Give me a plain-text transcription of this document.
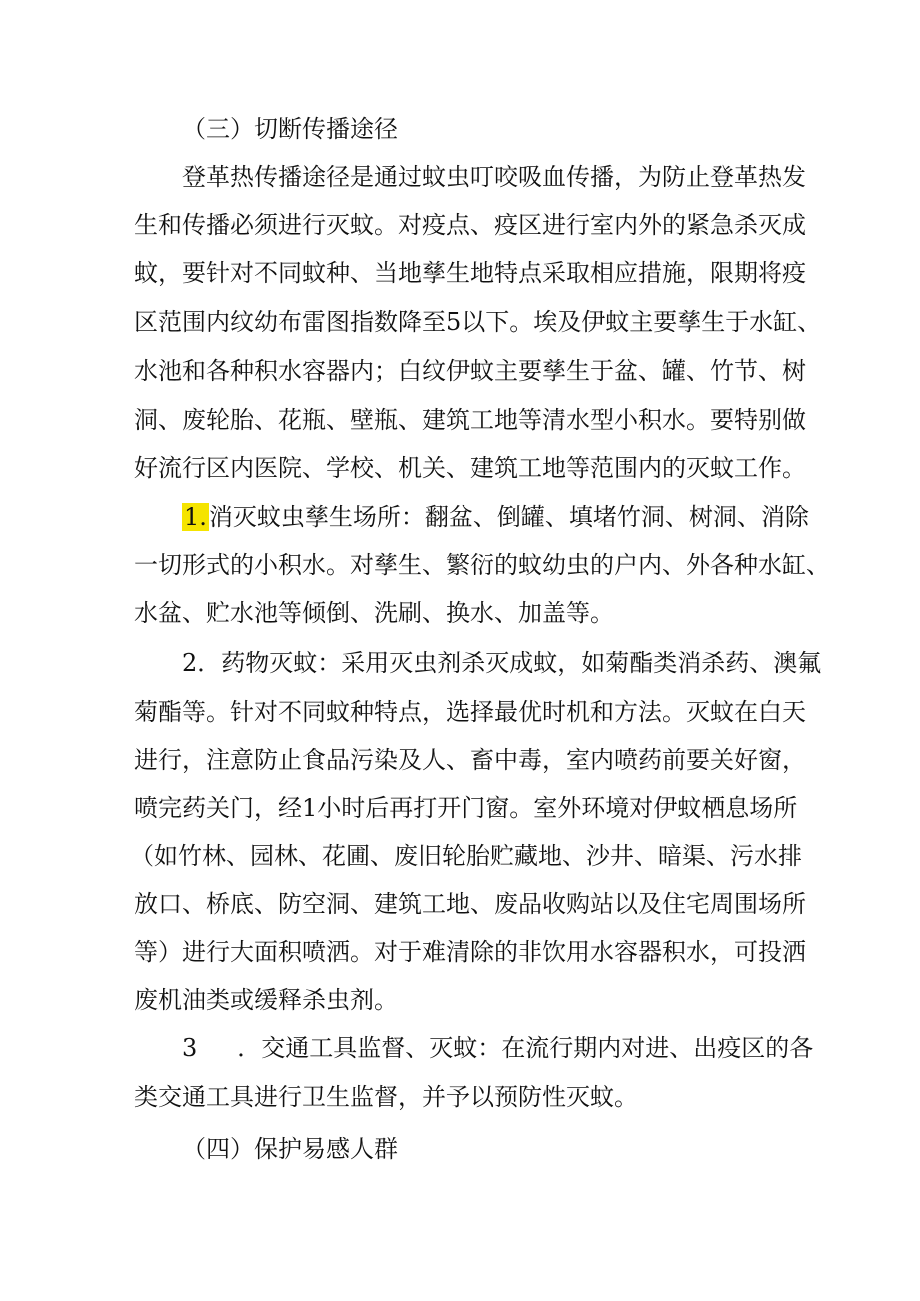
（三）切断传播途径
登革热传播途径是通过蚊虫叮咬吸血传播，为防止登革热发
生和传播必须进行灭蚊。对疫点、疫区进行室内外的紧急杀灭成
蚊，要针对不同蚊种、当地孳生地特点采取相应措施，限期将疫
区范围内纹幼布雷图指数降至5以下。埃及伊蚊主要孳生于水缸、
水池和各种积水容器内；白纹伊蚊主要孳生于盆、罐、竹节、树
洞、废轮胎、花瓶、壁瓶、建筑工地等清水型小积水。要特别做
好流行区内医院、学校、机关、建筑工地等范围内的灭蚊工作。
1.消灭蚊虫孳生场所：翻盆、倒罐、填堵竹洞、树洞、消除
一切形式的小积水。对孳生、繁衍的蚊幼虫的户内、外各种水缸、
水盆、贮水池等倾倒、洗刷、换水、加盖等。
2．药物灭蚊：采用灭虫剂杀灭成蚊，如菊酯类消杀药、澳氟
菊酯等。针对不同蚊种特点，选择最优时机和方法。灭蚊在白天
进行，注意防止食品污染及人、畜中毒，室内喷药前要关好窗，
喷完药关门，经1小时后再打开门窗。室外环境对伊蚊栖息场所
（如竹林、园林、花圃、废旧轮胎贮藏地、沙井、暗渠、污水排
放口、桥底、防空洞、建筑工地、废品收购站以及住宅周围场所
等）进行大面积喷洒。对于难清除的非饮用水容器积水，可投洒
废机油类或缓释杀虫剂。
3 ．交通工具监督、灭蚊：在流行期内对进、出疫区的各
类交通工具进行卫生监督，并予以预防性灭蚊。
（四）保护易感人群
